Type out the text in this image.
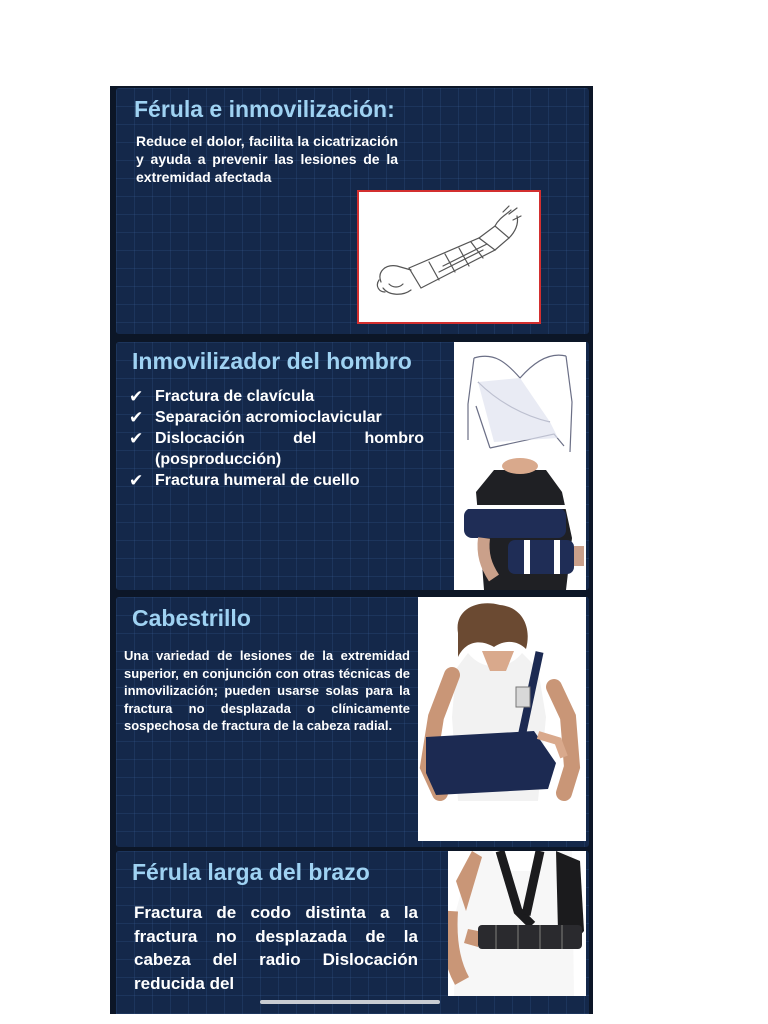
Férula e inmovilización:

Reduce el dolor, facilita la cicatrización y ayuda a prevenir las lesiones de la extremidad afectada

Inmovilizador del hombro
✔ Fractura de clavícula
✔ Separación acromioclavicular
✔ Dislocación del hombro (posproducción)
✔ Fractura humeral de cuello
Cabestrillo

Una variedad de lesiones de la extremidad superior, en conjunción con otras técnicas de inmovilización; pueden usarse solas para la fractura no desplazada o clínicamente sospechosa de fractura de la cabeza radial.

Férula larga del brazo

Fractura de codo distinta a la fractura no desplazada de la cabeza del radio Dislocación reducida del
